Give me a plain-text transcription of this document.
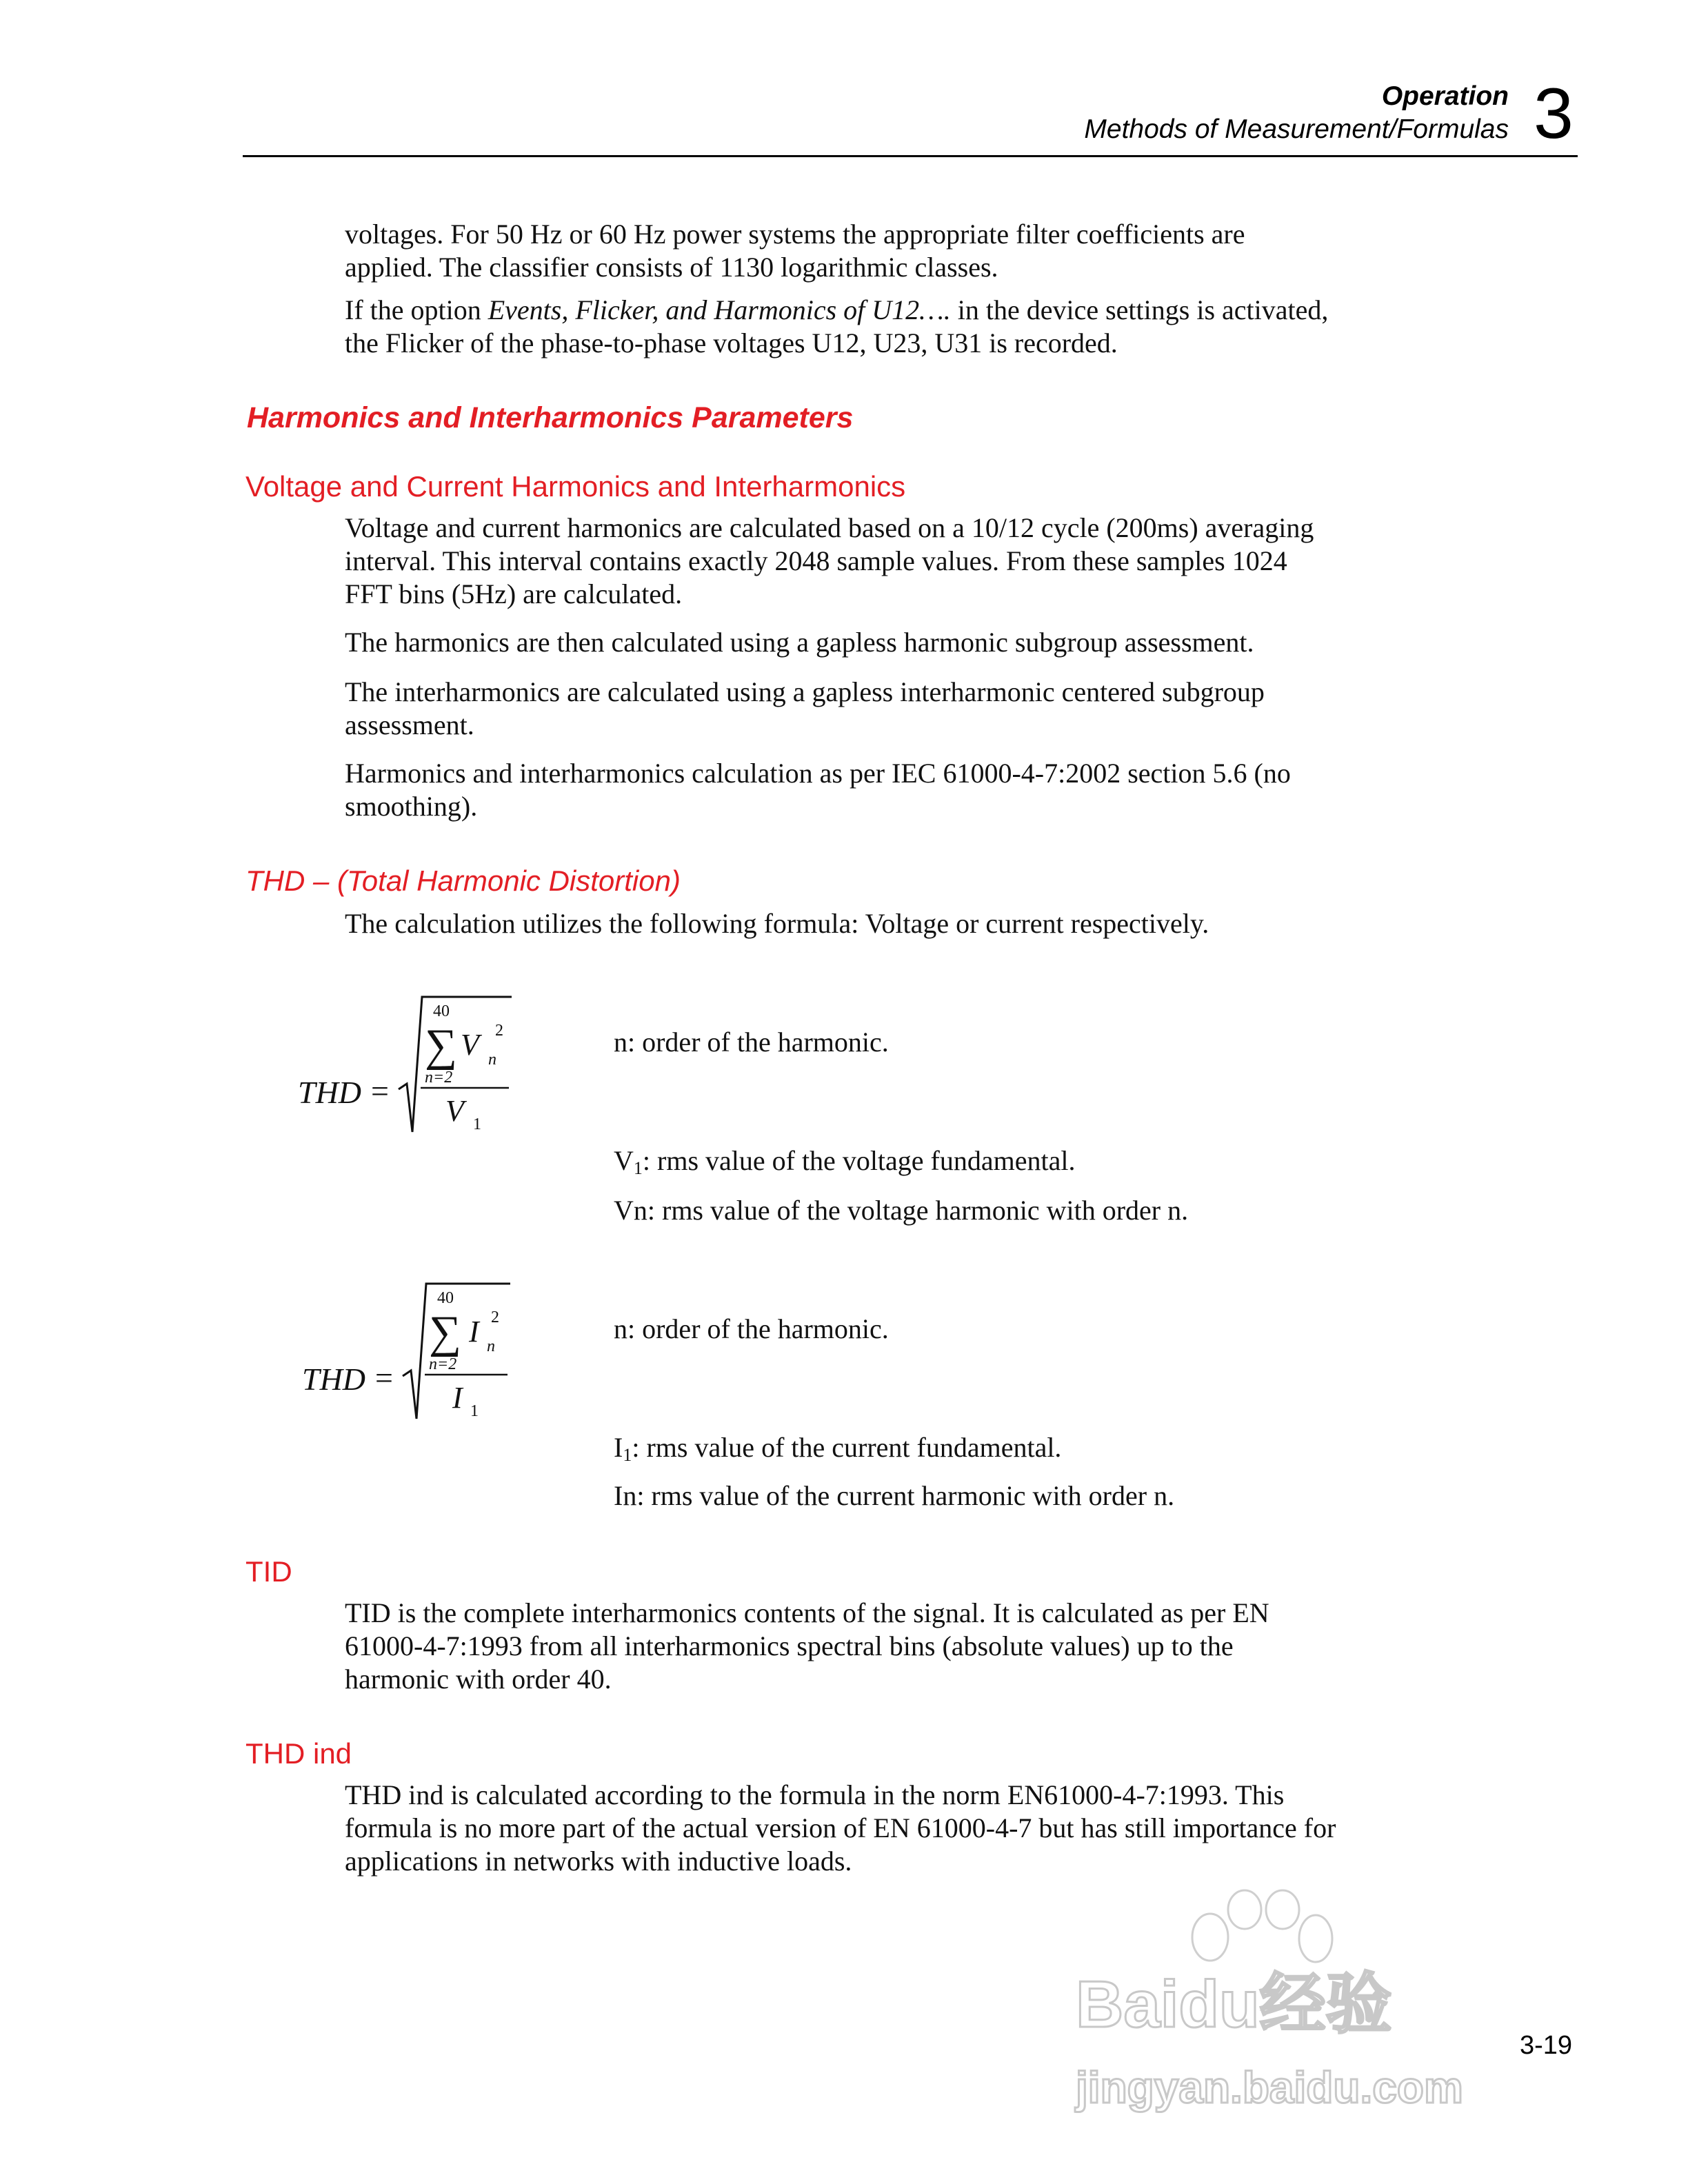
Operation
Methods of Measurement/Formulas 3
voltages. For 50 Hz or 60 Hz power systems the appropriate filter coefficients are
applied. The classifier consists of 1130 logarithmic classes.
If the option Events, Flicker, and Harmonics of U12…. in the device settings is activated,
the Flicker of the phase-to-phase voltages U12, U23, U31 is recorded.
Harmonics and Interharmonics Parameters
Voltage and Current Harmonics and Interharmonics
Voltage and current harmonics are calculated based on a 10/12 cycle (200ms) averaging
interval. This interval contains exactly 2048 sample values. From these samples 1024
FFT bins (5Hz) are calculated.
The harmonics are then calculated using a gapless harmonic subgroup assessment.
The interharmonics are calculated using a gapless interharmonic centered subgroup
assessment.
Harmonics and interharmonics calculation as per IEC 61000-4-7:2002 section 5.6 (no
smoothing).
THD – (Total Harmonic Distortion)
The calculation utilizes the following formula: Voltage or current respectively.
THD =
40
∑ V 2
n
n=2
V 1
n: order of the harmonic.
$V_1$: rms value of the voltage fundamental.
Vn: rms value of the voltage harmonic with order n.
THD =
40
∑ I 2
n
n=2
I 1
n: order of the harmonic.
$I_1$: rms value of the current fundamental.
In: rms value of the current harmonic with order n.
TID
TID is the complete interharmonics contents of the signal. It is calculated as per EN
61000-4-7:1993 from all interharmonics spectral bins (absolute values) up to the
harmonic with order 40.
THD ind
THD ind is calculated according to the formula in the norm EN61000-4-7:1993. This
formula is no more part of the actual version of EN 61000-4-7 but has still importance for
applications in networks with inductive loads.
Baidu经验
jingyan.baidu.com
3-19
